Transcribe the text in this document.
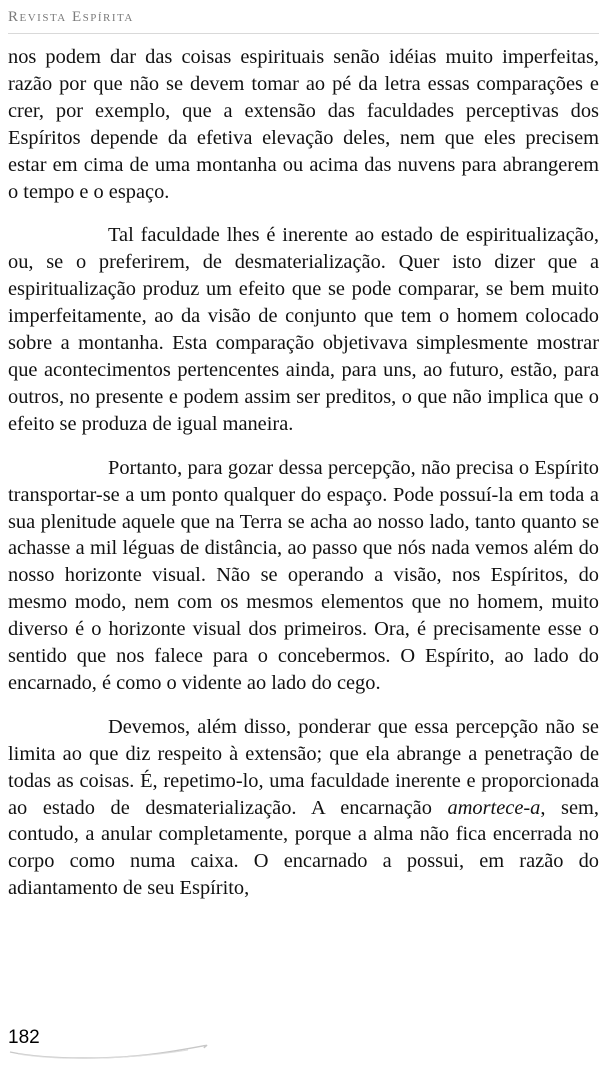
Revista Espírita

nos podem dar das coisas espirituais senão idéias muito imperfeitas, razão por que não se devem tomar ao pé da letra essas comparações e crer, por exemplo, que a extensão das faculdades perceptivas dos Espíritos depende da efetiva elevação deles, nem que eles precisem estar em cima de uma montanha ou acima das nuvens para abrangerem o tempo e o espaço.

Tal faculdade lhes é inerente ao estado de espiritualização, ou, se o preferirem, de desmaterialização. Quer isto dizer que a espiritualização produz um efeito que se pode comparar, se bem muito imperfeitamente, ao da visão de conjunto que tem o homem colocado sobre a montanha. Esta comparação objetivava simplesmente mostrar que acontecimentos pertencentes ainda, para uns, ao futuro, estão, para outros, no presente e podem assim ser preditos, o que não implica que o efeito se produza de igual maneira.

Portanto, para gozar dessa percepção, não precisa o Espírito transportar-se a um ponto qualquer do espaço. Pode possuí-la em toda a sua plenitude aquele que na Terra se acha ao nosso lado, tanto quanto se achasse a mil léguas de distância, ao passo que nós nada vemos além do nosso horizonte visual. Não se operando a visão, nos Espíritos, do mesmo modo, nem com os mesmos elementos que no homem, muito diverso é o horizonte visual dos primeiros. Ora, é precisamente esse o sentido que nos falece para o concebermos. O Espírito, ao lado do encarnado, é como o vidente ao lado do cego.

Devemos, além disso, ponderar que essa percepção não se limita ao que diz respeito à extensão; que ela abrange a penetração de todas as coisas. É, repetimo-lo, uma faculdade inerente e proporcionada ao estado de desmaterialização. A encarnação amortece-a, sem, contudo, a anular completamente, porque a alma não fica encerrada no corpo como numa caixa. O encarnado a possui, em razão do adiantamento de seu Espírito,

182
